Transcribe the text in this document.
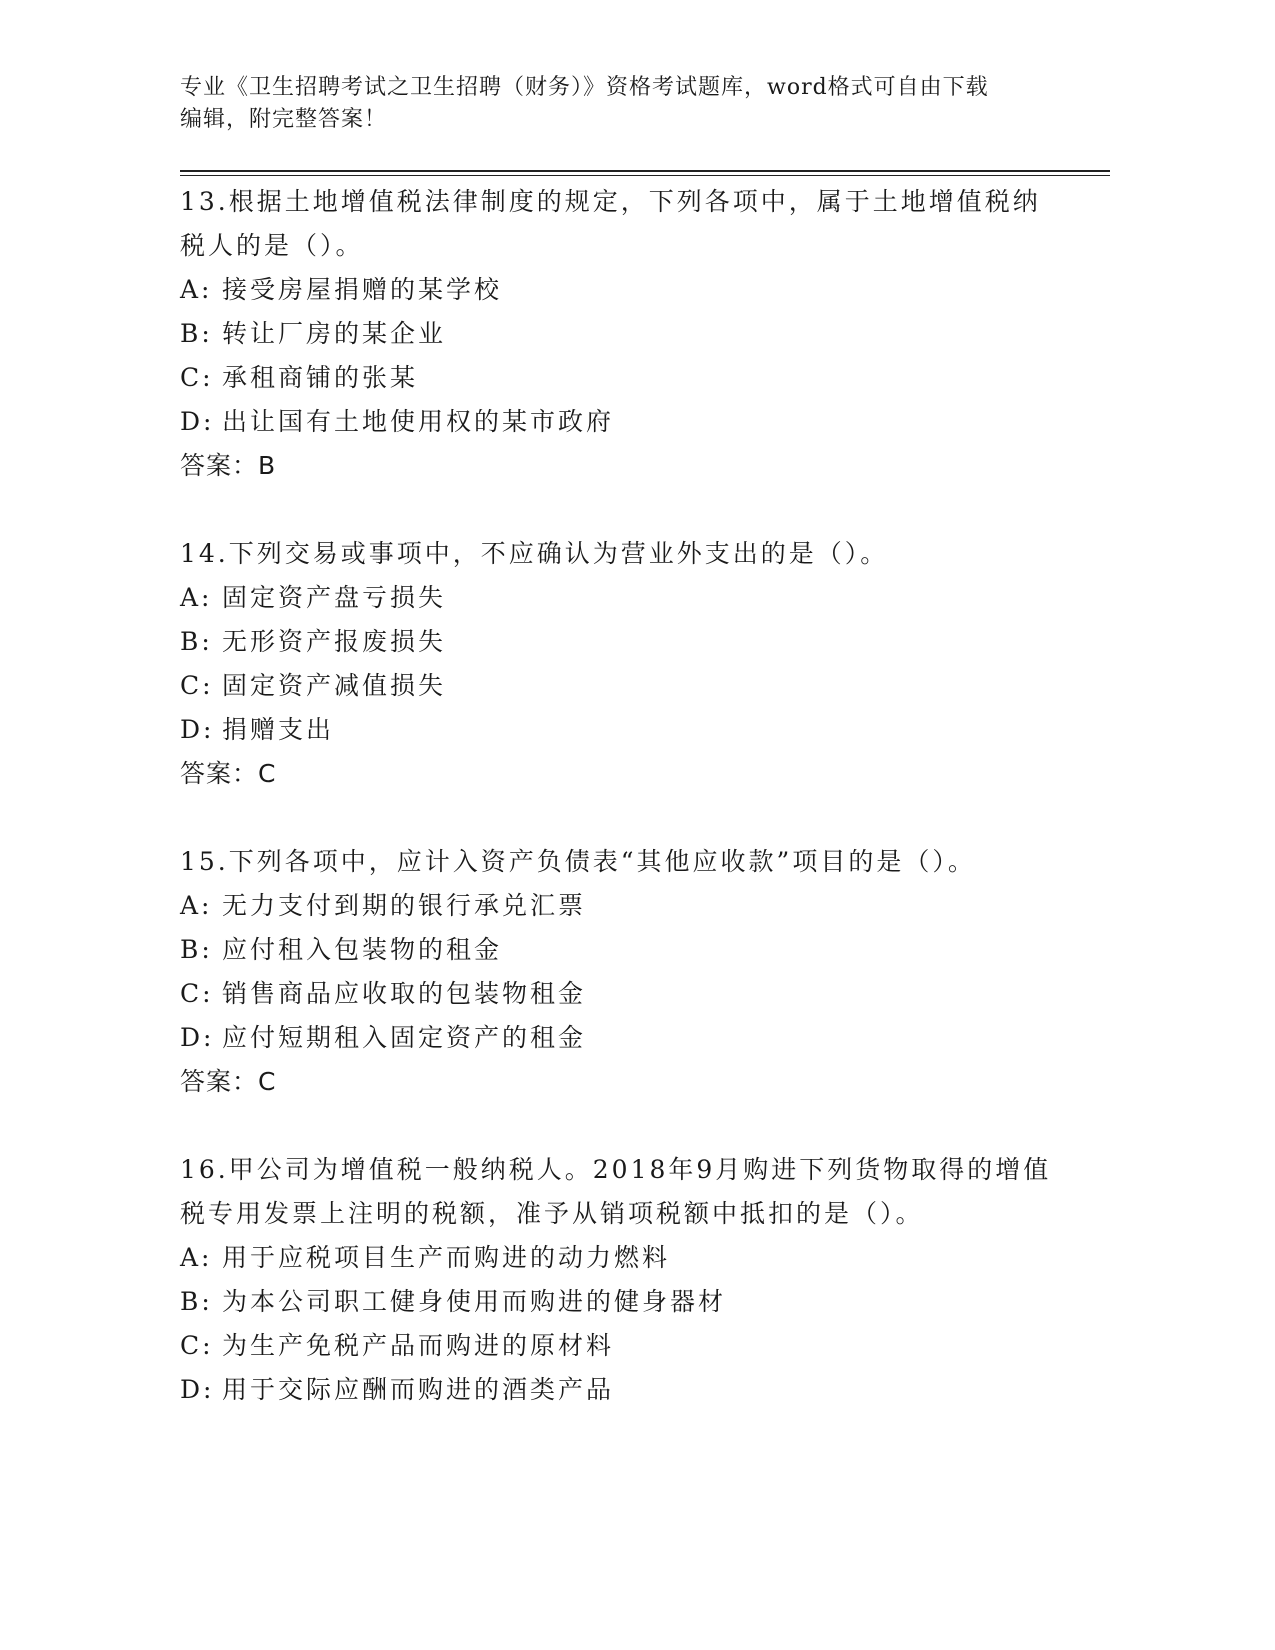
专业《卫生招聘考试之卫生招聘（财务）》资格考试题库，word格式可自由下载
编辑，附完整答案！
13.根据土地增值税法律制度的规定，下列各项中，属于土地增值税纳
税人的是（）。
A: 接受房屋捐赠的某学校
B: 转让厂房的某企业
C: 承租商铺的张某
D: 出让国有土地使用权的某市政府
答案：B
14.下列交易或事项中，不应确认为营业外支出的是（）。
A: 固定资产盘亏损失
B: 无形资产报废损失
C: 固定资产减值损失
D: 捐赠支出
答案：C
15.下列各项中，应计入资产负债表“其他应收款”项目的是（）。
A: 无力支付到期的银行承兑汇票
B: 应付租入包装物的租金
C: 销售商品应收取的包装物租金
D: 应付短期租入固定资产的租金
答案：C
16.甲公司为增值税一般纳税人。2018年9月购进下列货物取得的增值
税专用发票上注明的税额，准予从销项税额中抵扣的是（）。
A: 用于应税项目生产而购进的动力燃料
B: 为本公司职工健身使用而购进的健身器材
C: 为生产免税产品而购进的原材料
D: 用于交际应酬而购进的酒类产品
